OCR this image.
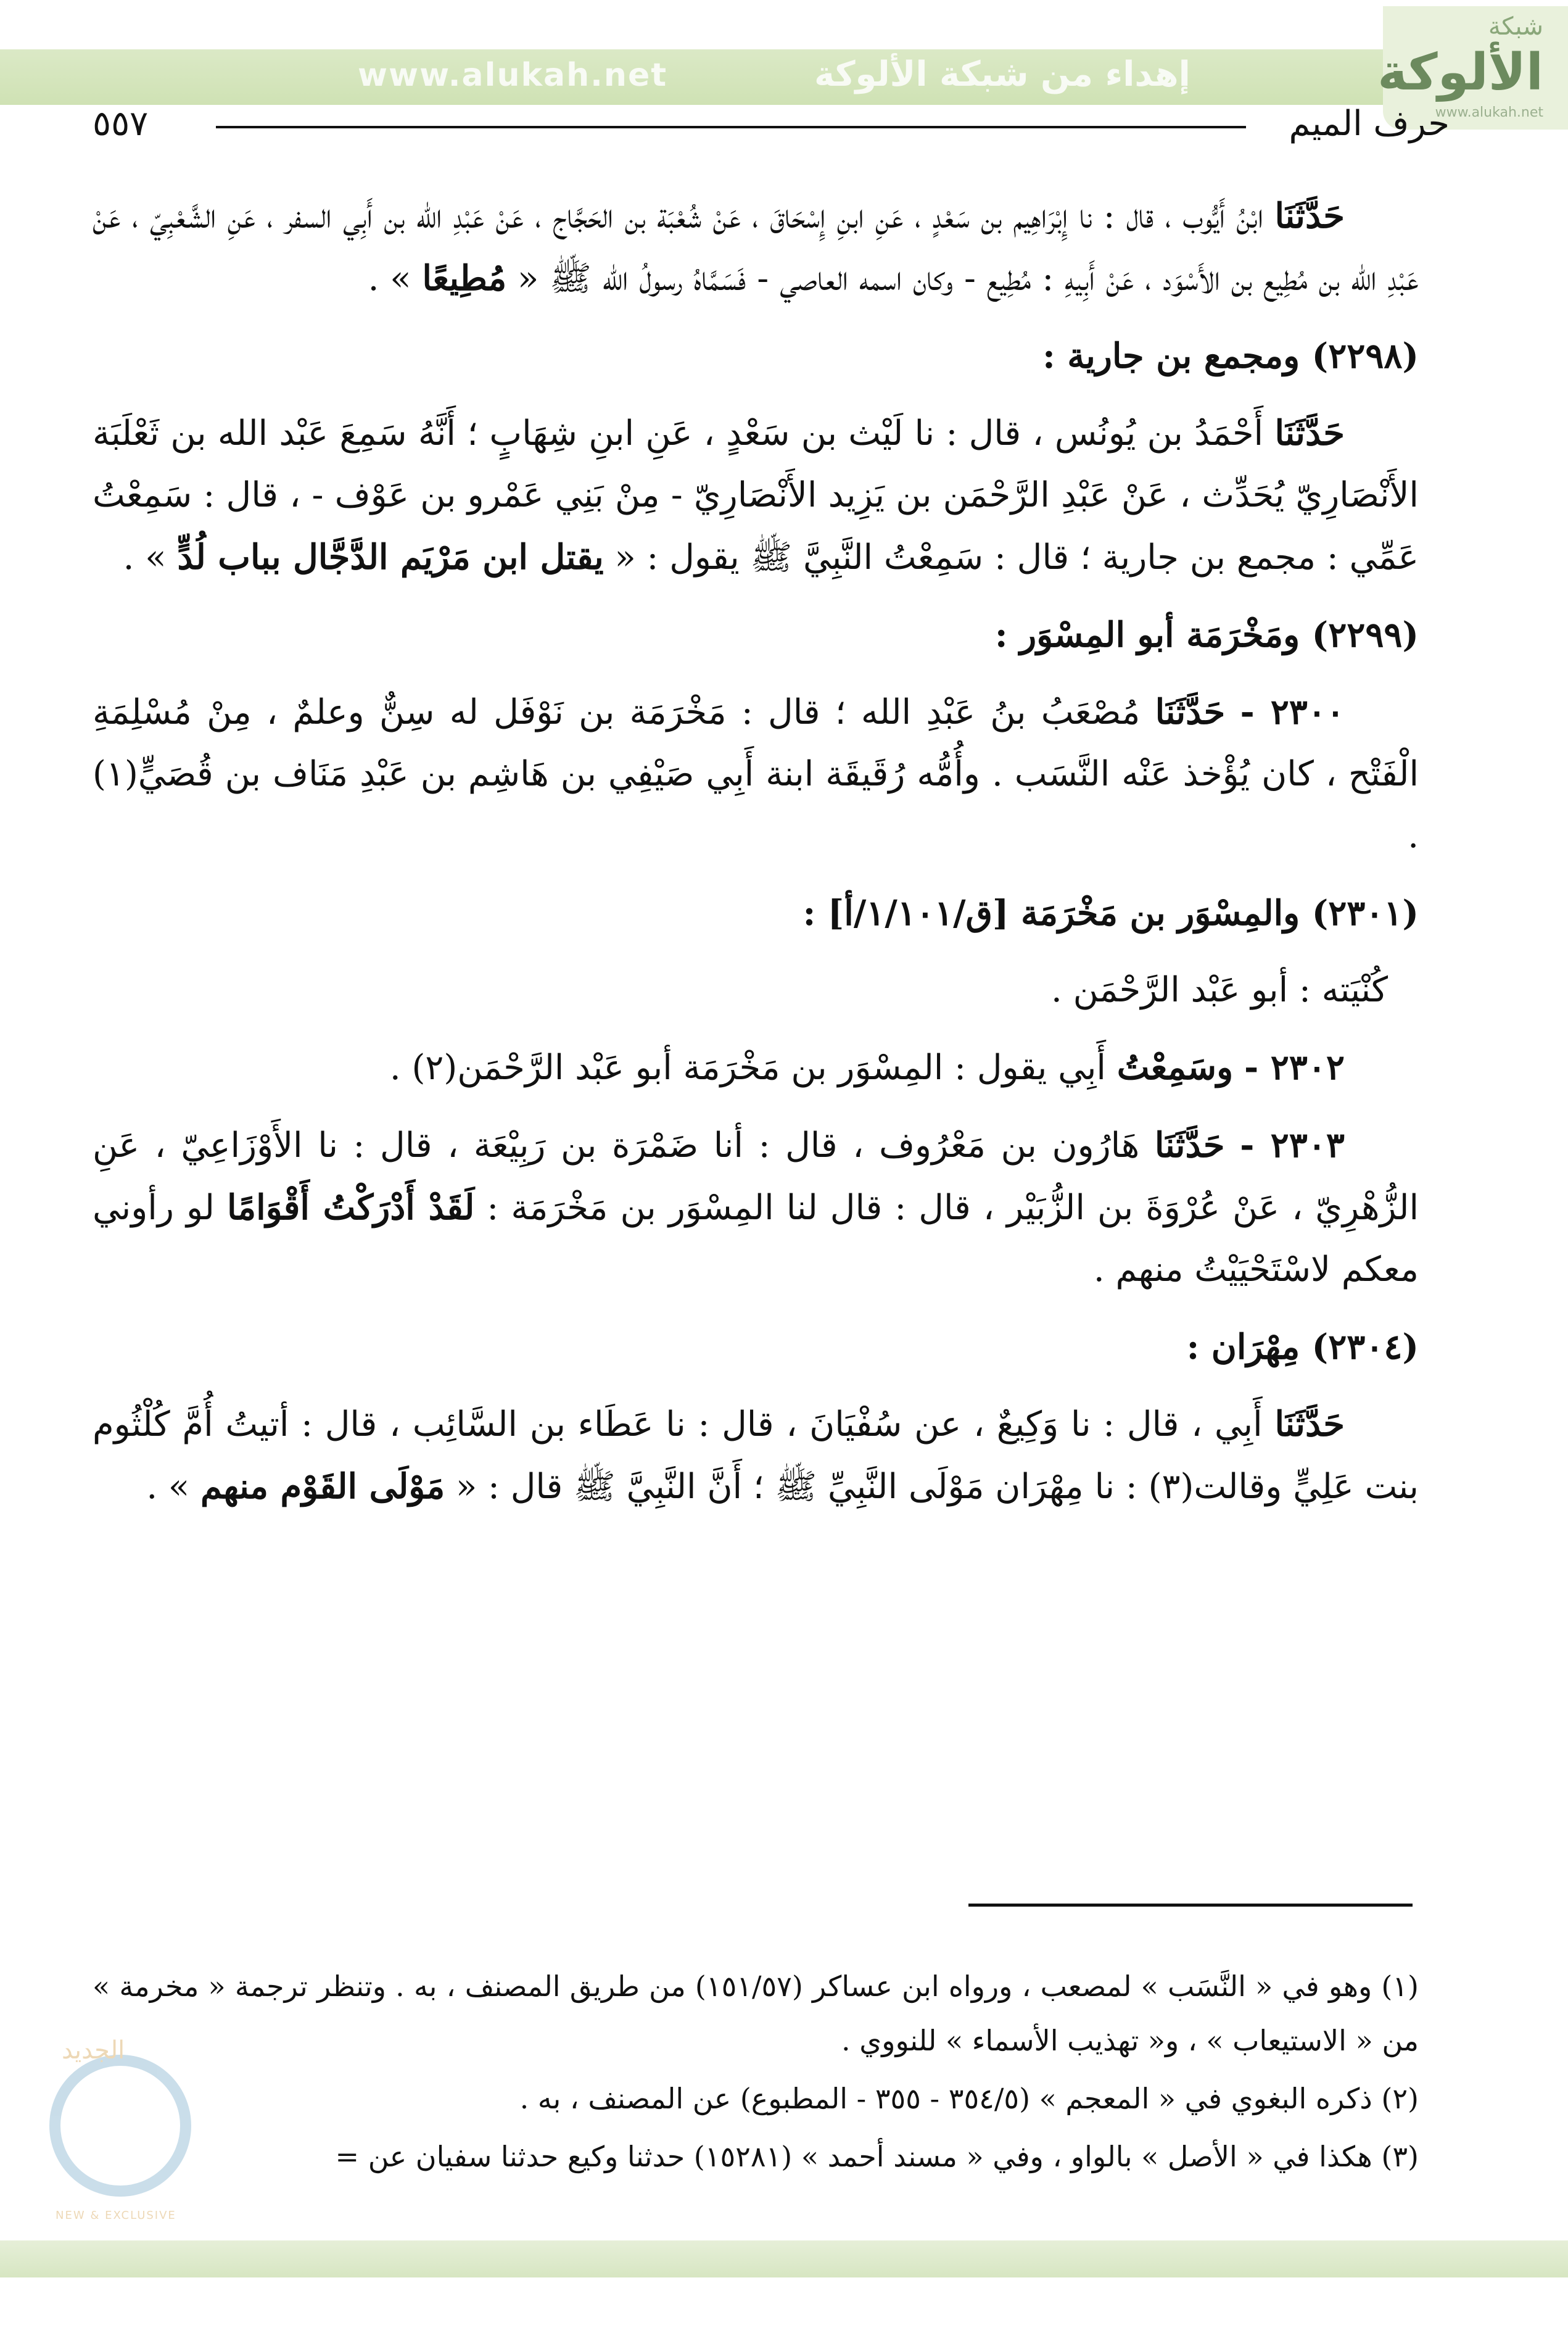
www.alukah.net	إهداء من شبكة الألوكة
شبكة
الألوكة
www.alukah.net
حرف الميم
٥٥٧

حَدَّثَنَا ابْنُ أَيُّوب ، قال : نا إِبْرَاهِيم بن سَعْدٍ ، عَنِ ابنِ إِسْحَاقَ ، عَنْ شُعْبَة بن الحَجَّاج ، عَنْ عَبْدِ الله بن أَبِي السفر ، عَنِ الشَّعْبِيّ ، عَنْ عَبْدِ الله بن مُطِيع بن الأَسْوَد ، عَنْ أَبِيهِ : مُطِيع - وكان اسمه العاصي - فَسَمَّاهُ رسولُ الله ﷺ « مُطِيعًا » .

(٢٢٩٨) ومجمع بن جارية :

حَدَّثَنَا أَحْمَدُ بن يُونُس ، قال : نا لَيْث بن سَعْدٍ ، عَنِ ابنِ شِهَابٍ ؛ أَنَّهُ سَمِعَ عَبْد الله بن ثَعْلَبَة الأَنْصَارِيّ يُحَدِّث ، عَنْ عَبْدِ الرَّحْمَن بن يَزِيد الأَنْصَارِيّ - مِنْ بَنِي عَمْرو بن عَوْف - ، قال : سَمِعْتُ عَمِّي : مجمع بن جارية ؛ قال : سَمِعْتُ النَّبِيَّ ﷺ يقول : « يقتل ابن مَرْيَم الدَّجَّال بباب لُدٍّ » .

(٢٢٩٩) ومَخْرَمَة أبو المِسْوَر :

٢٣٠٠ - حَدَّثَنَا مُصْعَبُ بنُ عَبْدِ الله ؛ قال : مَخْرَمَة بن نَوْفَل له سِنٌّ وعلمٌ ، مِنْ مُسْلِمَةِ الْفَتْح ، كان يُؤْخذ عَنْه النَّسَب . وأُمُّه رُقَيقَة ابنة أَبِي صَيْفِي بن هَاشِم بن عَبْدِ مَنَاف بن قُصَيٍّ(١) .

(٢٣٠١) والمِسْوَر بن مَخْرَمَة [ق/١/١٠١/أ] :

كُنْيَته : أبو عَبْد الرَّحْمَن .

٢٣٠٢ - وسَمِعْتُ أَبِي يقول : المِسْوَر بن مَخْرَمَة أبو عَبْد الرَّحْمَن(٢) .

٢٣٠٣ - حَدَّثَنَا هَارُون بن مَعْرُوف ، قال : أنا ضَمْرَة بن رَبِيْعَة ، قال : نا الأَوْزَاعِيّ ، عَنِ الزُّهْرِيّ ، عَنْ عُرْوَةَ بن الزُّبَيْر ، قال : قال لنا المِسْوَر بن مَخْرَمَة : لَقَدْ أَدْرَكْتُ أَقْوَامًا لو رأوني معكم لاسْتَحْيَيْتُ منهم .

(٢٣٠٤) مِهْرَان :

حَدَّثَنَا أَبِي ، قال : نا وَكِيعٌ ، عن سُفْيَانَ ، قال : نا عَطَاء بن السَّائِب ، قال : أتيتُ أُمَّ كُلْثُوم بنت عَلِيٍّ وقالت(٣) : نا مِهْرَان مَوْلَى النَّبِيِّ ﷺ ؛ أَنَّ النَّبِيَّ ﷺ قال : « مَوْلَى القَوْم منهم » .

(١) وهو في « النَّسَب » لمصعب ، ورواه ابن عساكر (١٥١/٥٧) من طريق المصنف ، به . وتنظر ترجمة « مخرمة » من « الاستيعاب » ، و« تهذيب الأسماء » للنووي .

(٢) ذكره البغوي في « المعجم » (٣٥٤/٥ - ٣٥٥ - المطبوع) عن المصنف ، به .

(٣) هكذا في « الأصل » بالواو ، وفي « مسند أحمد » (١٥٢٨١) حدثنا وكيع حدثنا سفيان عن =

الجديد
NEW & EXCLUSIVE
